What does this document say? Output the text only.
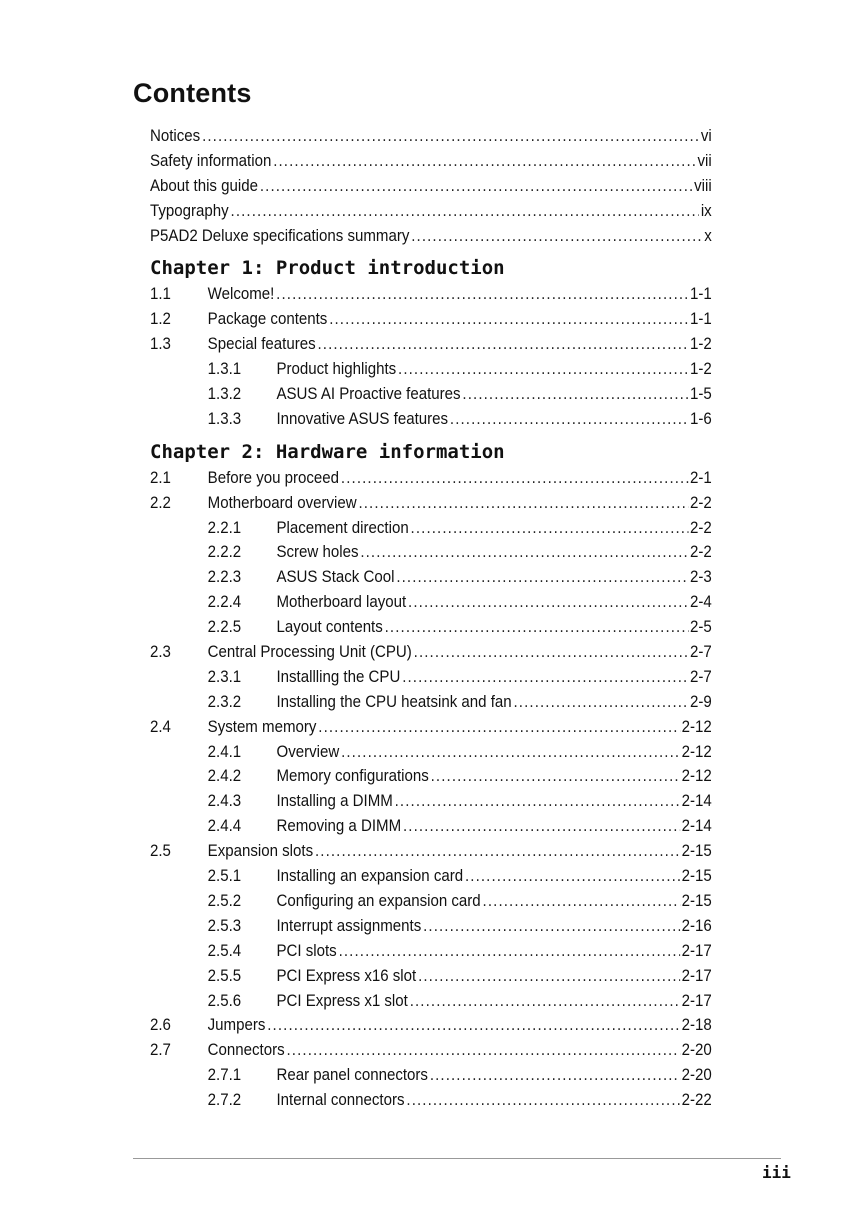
Contents
Notices .....	vi
Safety information .....	vii
About this guide .....	viii
Typography .....	ix
P5AD2 Deluxe specifications summary .....	x
Chapter 1: Product introduction
1.1	Welcome! .....	1-1
1.2	Package contents .....	1-1
1.3	Special features .....	1-2
1.3.1	Product highlights .....	1-2
1.3.2	ASUS AI Proactive features .....	1-5
1.3.3	Innovative ASUS features .....	1-6
Chapter 2: Hardware information
2.1	Before you proceed .....	2-1
2.2	Motherboard overview .....	2-2
2.2.1	Placement direction .....	2-2
2.2.2	Screw holes .....	2-2
2.2.3	ASUS Stack Cool .....	2-3
2.2.4	Motherboard layout .....	2-4
2.2.5	Layout contents .....	2-5
2.3	Central Processing Unit (CPU) .....	2-7
2.3.1	Installling the CPU .....	2-7
2.3.2	Installing the CPU heatsink and fan .....	2-9
2.4	System memory .....	2-12
2.4.1	Overview .....	2-12
2.4.2	Memory configurations .....	2-12
2.4.3	Installing a DIMM .....	2-14
2.4.4	Removing a DIMM .....	2-14
2.5	Expansion slots .....	2-15
2.5.1	Installing an expansion card .....	2-15
2.5.2	Configuring an expansion card .....	2-15
2.5.3	Interrupt assignments .....	2-16
2.5.4	PCI slots .....	2-17
2.5.5	PCI Express x16 slot .....	2-17
2.5.6	PCI Express x1 slot .....	2-17
2.6	Jumpers .....	2-18
2.7	Connectors .....	2-20
2.7.1	Rear panel connectors .....	2-20
2.7.2	Internal connectors .....	2-22
iii
